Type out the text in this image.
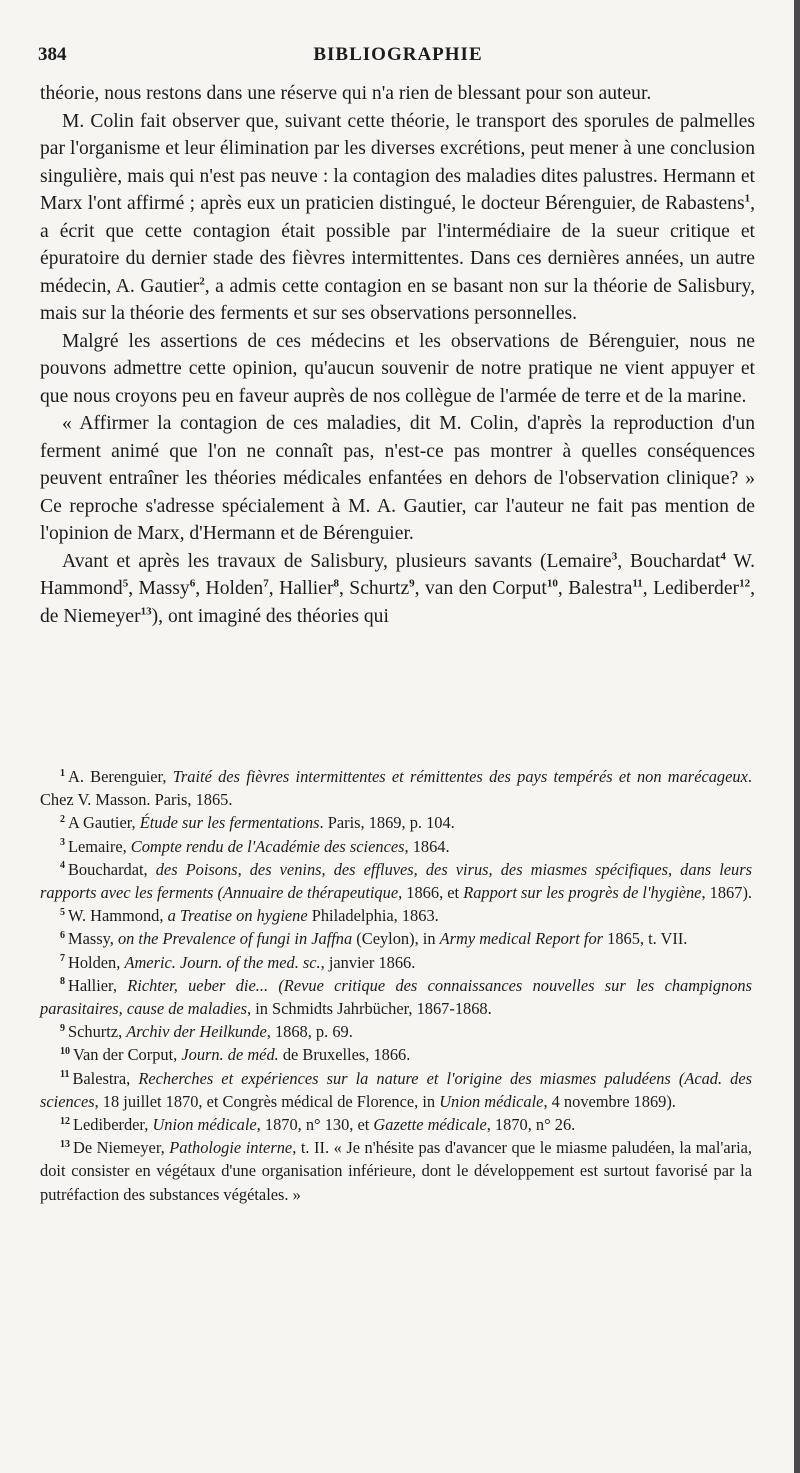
384	BIBLIOGRAPHIE

théorie, nous restons dans une réserve qui n'a rien de blessant pour son auteur.

M. Colin fait observer que, suivant cette théorie, le transport des sporules de palmelles par l'organisme et leur élimination par les diverses excrétions, peut mener à une conclusion singulière, mais qui n'est pas neuve : la contagion des maladies dites palustres. Hermann et Marx l'ont affirmé ; après eux un praticien distingué, le docteur Bérenguier, de Rabastens$^1$, a écrit que cette contagion était possible par l'intermédiaire de la sueur critique et épuratoire du dernier stade des fièvres intermittentes. Dans ces dernières années, un autre médecin, A. Gautier$^2$, a admis cette contagion en se basant non sur la théorie de Salisbury, mais sur la théorie des ferments et sur ses observations personnelles.

Malgré les assertions de ces médecins et les observations de Bérenguier, nous ne pouvons admettre cette opinion, qu'aucun souvenir de notre pratique ne vient appuyer et que nous croyons peu en faveur auprès de nos collègue de l'armée de terre et de la marine.

« Affirmer la contagion de ces maladies, dit M. Colin, d'après la reproduction d'un ferment animé que l'on ne connaît pas, n'est-ce pas montrer à quelles conséquences peuvent entraîner les théories médicales enfantées en dehors de l'observation clinique? » Ce reproche s'adresse spécialement à M. A. Gautier, car l'auteur ne fait pas mention de l'opinion de Marx, d'Hermann et de Bérenguier.

Avant et après les travaux de Salisbury, plusieurs savants (Lemaire$^3$, Bouchardat$^4$ W. Hammond$^5$, Massy$^6$, Holden$^7$, Hallier$^8$, Schurtz$^9$, van den Corput$^{10}$, Balestra$^{11}$, Lediberder$^{12}$, de Niemeyer$^{13}$), ont imaginé des théories qui

$^1$ A. Berenguier, Traité des fièvres intermittentes et rémittentes des pays tempérés et non marécageux. Chez V. Masson. Paris, 1865.

$^2$ A Gautier, Étude sur les fermentations. Paris, 1869, p. 104.

$^3$ Lemaire, Compte rendu de l'Académie des sciences, 1864.

$^4$ Bouchardat, des Poisons, des venins, des effluves, des virus, des miasmes spécifiques, dans leurs rapports avec les ferments (Annuaire de thérapeutique, 1866, et Rapport sur les progrès de l'hygiène, 1867).

$^5$ W. Hammond, a Treatise on hygiene Philadelphia, 1863.

$^6$ Massy, on the Prevalence of fungi in Jaffna (Ceylon), in Army medical Report for 1865, t. VII.

$^7$ Holden, Americ. Journ. of the med. sc., janvier 1866.

$^8$ Hallier, Richter, ueber die... (Revue critique des connaissances nouvelles sur les champignons parasitaires, cause de maladies, in Schmidts Jahrbücher, 1867-1868.

$^9$ Schurtz, Archiv der Heilkunde, 1868, p. 69.

$^{10}$ Van der Corput, Journ. de méd. de Bruxelles, 1866.

$^{11}$ Balestra, Recherches et expériences sur la nature et l'origine des miasmes paludéens (Acad. des sciences, 18 juillet 1870, et Congrès médical de Florence, in Union médicale, 4 novembre 1869).

$^{12}$ Lediberder, Union médicale, 1870, n° 130, et Gazette médicale, 1870, n° 26.

$^{13}$ De Niemeyer, Pathologie interne, t. II. « Je n'hésite pas d'avancer que le miasme paludéen, la mal'aria, doit consister en végétaux d'une organisation inférieure, dont le développement est surtout favorisé par la putréfaction des substances végétales. »
